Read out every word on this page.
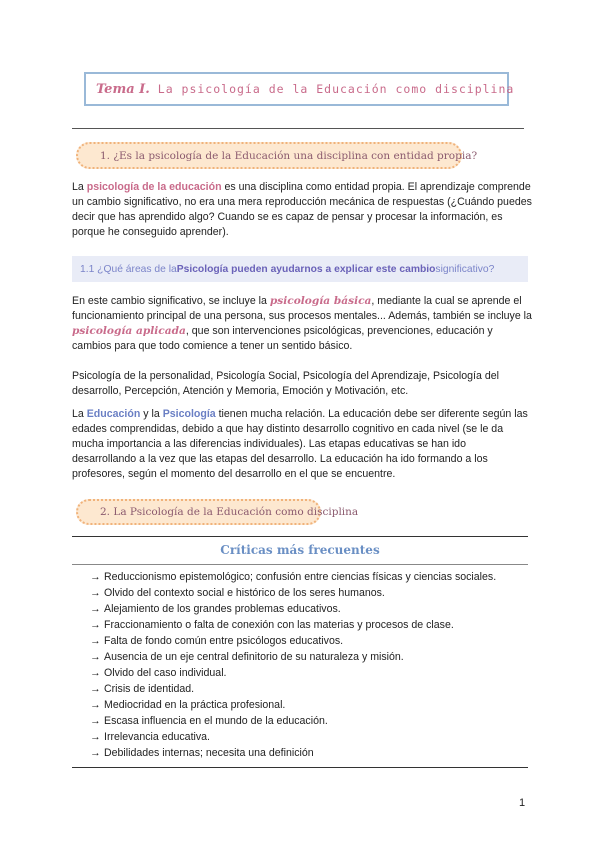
Tema I. La psicología de la Educación como disciplina
1. ¿Es la psicología de la Educación una disciplina con entidad propia?
La psicología de la educación es una disciplina como entidad propia. El aprendizaje comprende un cambio significativo, no era una mera reproducción mecánica de respuestas (¿Cuándo puedes decir que has aprendido algo? Cuando se es capaz de pensar y procesar la información, es porque he conseguido aprender).
1.1 ¿Qué áreas de la Psicología pueden ayudarnos a explicar este cambio significativo?
En este cambio significativo, se incluye la psicología básica, mediante la cual se aprende el funcionamiento principal de una persona, sus procesos mentales... Además, también se incluye la psicología aplicada, que son intervenciones psicológicas, prevenciones, educación y cambios para que todo comience a tener un sentido básico.
Psicología de la personalidad, Psicología Social, Psicología del Aprendizaje, Psicología del desarrollo, Percepción, Atención y Memoria, Emoción y Motivación, etc.
La Educación y la Psicología tienen mucha relación. La educación debe ser diferente según las edades comprendidas, debido a que hay distinto desarrollo cognitivo en cada nivel (se le da mucha importancia a las diferencias individuales). Las etapas educativas se han ido desarrollando a la vez que las etapas del desarrollo. La educación ha ido formando a los profesores, según el momento del desarrollo en el que se encuentre.
2. La Psicología de la Educación como disciplina
Críticas más frecuentes
→ Reduccionismo epistemológico; confusión entre ciencias físicas y ciencias sociales.
→ Olvido del contexto social e histórico de los seres humanos.
→ Alejamiento de los grandes problemas educativos.
→ Fraccionamiento o falta de conexión con las materias y procesos de clase.
→ Falta de fondo común entre psicólogos educativos.
→ Ausencia de un eje central definitorio de su naturaleza y misión.
→ Olvido del caso individual.
→ Crisis de identidad.
→ Mediocridad en la práctica profesional.
→ Escasa influencia en el mundo de la educación.
→ Irrelevancia educativa.
→ Debilidades internas; necesita una definición
1
